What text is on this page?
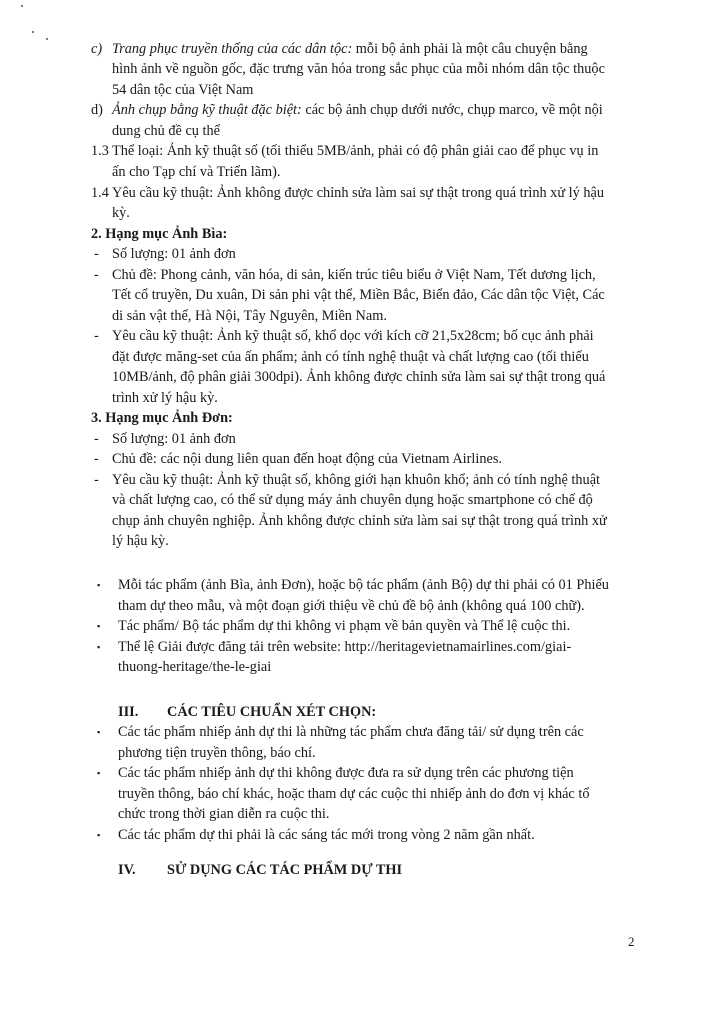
c) Trang phục truyền thống của các dân tộc: mỗi bộ ảnh phải là một câu chuyện bằng
hình ảnh về nguồn gốc, đặc trưng văn hóa trong sắc phục của mỗi nhóm dân tộc thuộc
54 dân tộc của Việt Nam
d) Ảnh chụp bằng kỹ thuật đặc biệt: các bộ ảnh chụp dưới nước, chụp marco, về một nội
dung chủ đề cụ thể
1.3 Thể loại: Ảnh kỹ thuật số (tối thiểu 5MB/ảnh, phải có độ phân giải cao để phục vụ in
ấn cho Tạp chí và Triển lãm).
1.4 Yêu cầu kỹ thuật: Ảnh không được chỉnh sửa làm sai sự thật trong quá trình xử lý hậu
kỳ.
2. Hạng mục Ảnh Bìa:
- Số lượng: 01 ảnh đơn
- Chủ đề: Phong cảnh, văn hóa, di sản, kiến trúc tiêu biểu ở Việt Nam, Tết dương lịch,
Tết cổ truyền, Du xuân, Di sản phi vật thể, Miền Bắc, Biển đảo, Các dân tộc Việt, Các
di sản vật thể, Hà Nội, Tây Nguyên, Miền Nam.
- Yêu cầu kỹ thuật: Ảnh kỹ thuật số, khổ dọc với kích cỡ 21,5x28cm; bố cục ảnh phải
đặt được măng-set của ấn phẩm; ảnh có tính nghệ thuật và chất lượng cao (tối thiểu
10MB/ảnh, độ phân giải 300dpi). Ảnh không được chỉnh sửa làm sai sự thật trong quá
trình xử lý hậu kỳ.
3. Hạng mục Ảnh Đơn:
- Số lượng: 01 ảnh đơn
- Chủ đề: các nội dung liên quan đến hoạt động của Vietnam Airlines.
- Yêu cầu kỹ thuật: Ảnh kỹ thuật số, không giới hạn khuôn khổ; ảnh có tính nghệ thuật
và chất lượng cao, có thể sử dụng máy ảnh chuyên dụng hoặc smartphone có chế độ
chụp ảnh chuyên nghiệp. Ảnh không được chỉnh sửa làm sai sự thật trong quá trình xử
lý hậu kỳ.
▪ Mỗi tác phẩm (ảnh Bìa, ảnh Đơn), hoặc bộ tác phẩm (ảnh Bộ) dự thi phải có 01 Phiếu
tham dự theo mẫu, và một đoạn giới thiệu về chủ đề bộ ảnh (không quá 100 chữ).
▪ Tác phẩm/ Bộ tác phẩm dự thi không vi phạm về bản quyền và Thể lệ cuộc thi.
▪ Thể lệ Giải được đăng tải trên website: http://heritagevietnamairlines.com/giai-
thuong-heritage/the-le-giai
III. CÁC TIÊU CHUẨN XÉT CHỌN:
▪ Các tác phẩm nhiếp ảnh dự thi là những tác phẩm chưa đăng tải/ sử dụng trên các
phương tiện truyền thông, báo chí.
▪ Các tác phẩm nhiếp ảnh dự thi không được đưa ra sử dụng trên các phương tiện
truyền thông, báo chí khác, hoặc tham dự các cuộc thi nhiếp ảnh do đơn vị khác tổ
chức trong thời gian diễn ra cuộc thi.
▪ Các tác phẩm dự thi phải là các sáng tác mới trong vòng 2 năm gần nhất.
IV. SỬ DỤNG CÁC TÁC PHẨM DỰ THI
2
